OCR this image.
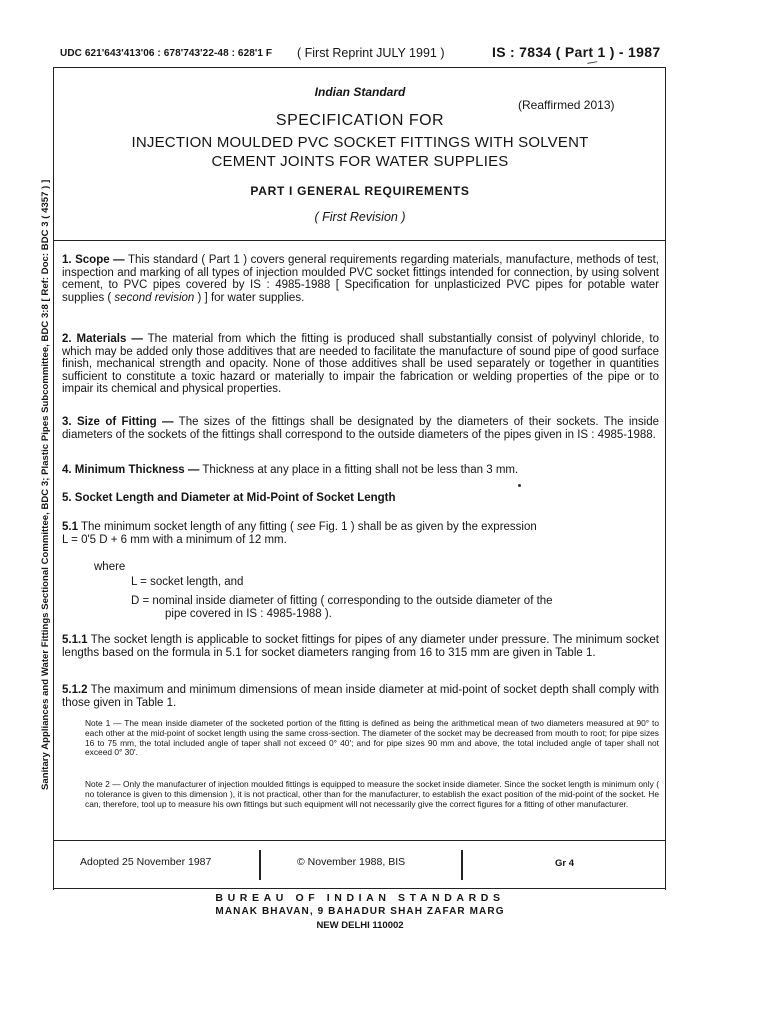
UDC 621'643'413'06 : 678'743'22-48 : 628'1 F ( First Reprint JULY 1991 )	IS : 7834 ( Part 1 ) - 1987
Sanitary Appliances and Water Fittings Sectional Committee, BDC 3; Plastic Pipes Subcommittee, BDC 3:8 [ Ref: Doc: BDC 3 ( 4357 ) ]
Indian Standard
(Reaffirmed 2013)
SPECIFICATION FOR
INJECTION MOULDED PVC SOCKET FITTINGS WITH SOLVENT
CEMENT JOINTS FOR WATER SUPPLIES
PART I GENERAL REQUIREMENTS
( First Revision )
1. Scope — This standard ( Part 1 ) covers general requirements regarding materials, manufacture, methods of test, inspection and marking of all types of injection moulded PVC socket fittings intended for connection, by using solvent cement, to PVC pipes covered by IS : 4985-1988 [ Specification for unplasticized PVC pipes for potable water supplies ( second revision ) ] for water supplies.
2. Materials — The material from which the fitting is produced shall substantially consist of polyvinyl chloride, to which may be added only those additives that are needed to facilitate the manufacture of sound pipe of good surface finish, mechanical strength and opacity. None of those additives shall be used separately or together in quantities sufficient to constitute a toxic hazard or materially to impair the fabrication or welding properties of the pipe or to impair its chemical and physical properties.
3. Size of Fitting — The sizes of the fittings shall be designated by the diameters of their sockets. The inside diameters of the sockets of the fittings shall correspond to the outside diameters of the pipes given in IS : 4985-1988.
4. Minimum Thickness — Thickness at any place in a fitting shall not be less than 3 mm.
5. Socket Length and Diameter at Mid-Point of Socket Length
5.1 The minimum socket length of any fitting ( see Fig. 1 ) shall be as given by the expression
L = 0'5 D + 6 mm with a minimum of 12 mm.
where
L = socket length, and
D = nominal inside diameter of fitting ( corresponding to the outside diameter of the
pipe covered in IS : 4985-1988 ).
5.1.1 The socket length is applicable to socket fittings for pipes of any diameter under pressure. The minimum socket lengths based on the formula in 5.1 for socket diameters ranging from 16 to 315 mm are given in Table 1.
5.1.2 The maximum and minimum dimensions of mean inside diameter at mid-point of socket depth shall comply with those given in Table 1.
Note 1 — The mean inside diameter of the socketed portion of the fitting is defined as being the arithmetical mean of two diameters measured at 90° to each other at the mid-point of socket length using the same cross-section. The diameter of the socket may be decreased from mouth to root; for pipe sizes 16 to 75 mm, the total included angle of taper shall not exceed 0° 40'; and for pipe sizes 90 mm and above, the total included angle of taper shall not exceed 0° 30'.
Note 2 — Only the manufacturer of injection moulded fittings is equipped to measure the socket inside diameter. Since the socket length is minimum only ( no tolerance is given to this dimension ), it is not practical, other than for the manufacturer, to establish the exact position of the mid-point of the socket. He can, therefore, tool up to measure his own fittings but such equipment will not necessarily give the correct figures for a fitting of other manufacturer.
Adopted 25 November 1987	© November 1988, BIS	Gr 4
BUREAU OF INDIAN STANDARDS
MANAK BHAVAN, 9 BAHADUR SHAH ZAFAR MARG
NEW DELHI 110002
